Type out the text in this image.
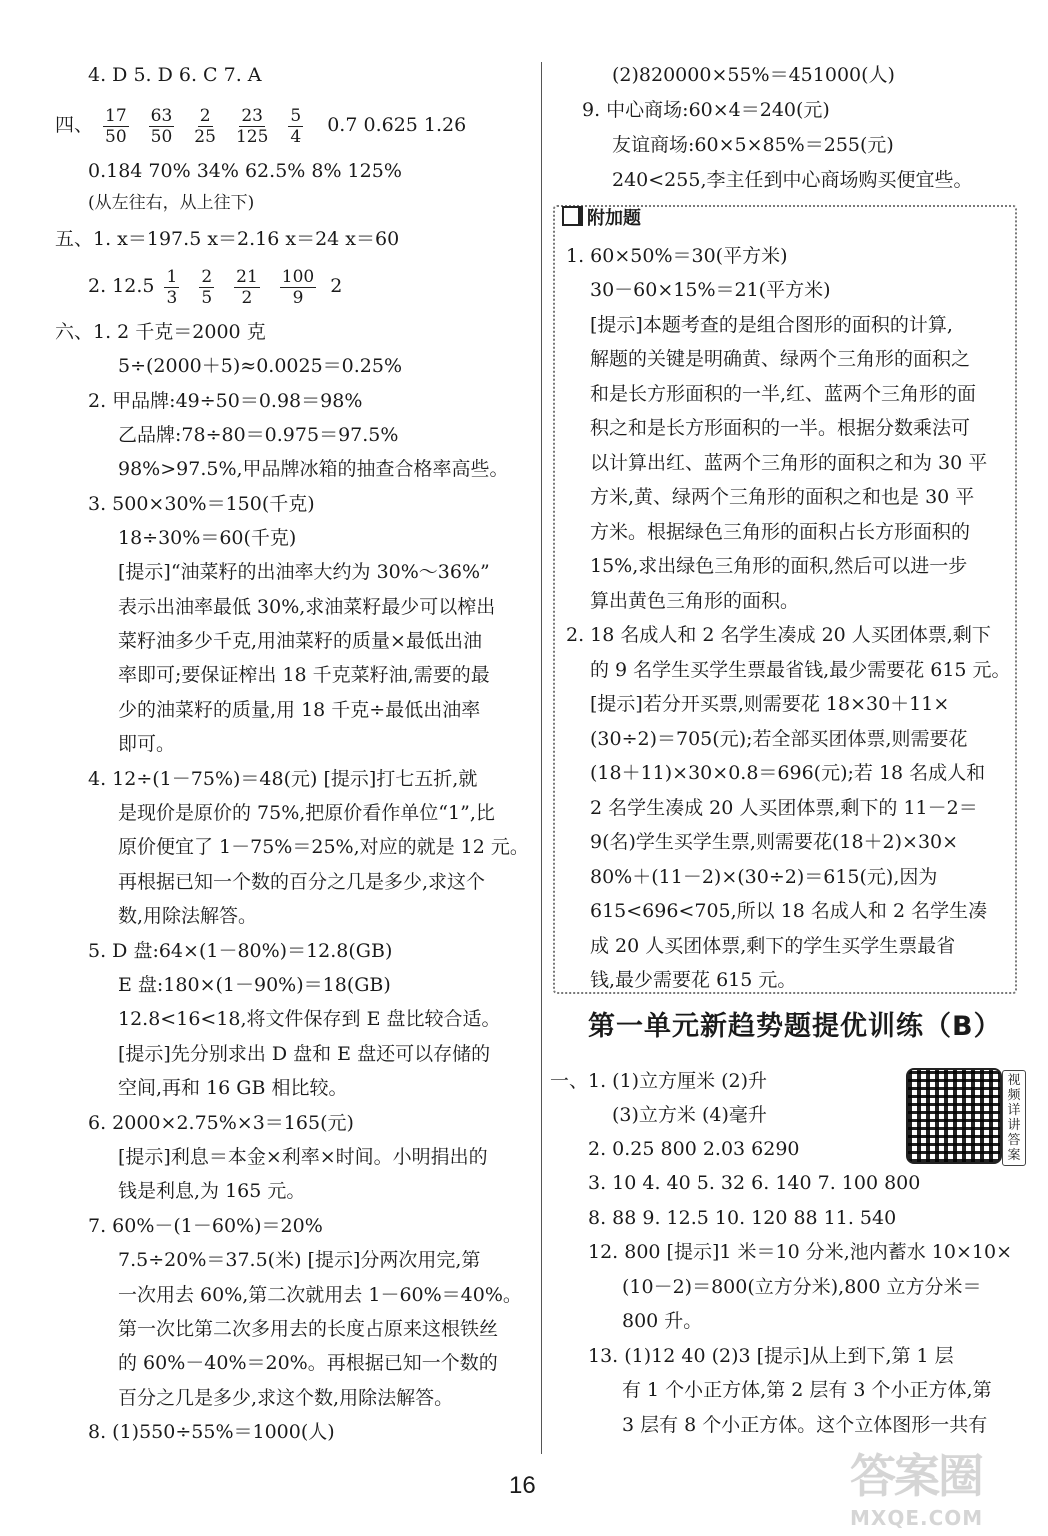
4. D 5. D 6. C 7. A
四、 $\frac{17}{50} \frac{63}{50} \frac{2}{25} \frac{23}{125} \frac{5}{4} 0.7$ 0.625 1.26
0.184 70% 34% 62.5% 8% 125%
(从左往右，从上往下)
五、1. x＝197.5 x＝2.16 x＝24 x＝60
2. $12.5 \frac{1}{3} \frac{2}{5} \frac{21}{2} \frac{100}{9} 2$
六、1. 2 千克＝2000 克
5÷(2000＋5)≈0.0025＝0.25%
2. 甲品牌:49÷50＝0.98＝98%
乙品牌:78÷80＝0.975＝97.5%
98%>97.5%,甲品牌冰箱的抽查合格率高些。
3. 500×30%＝150(千克)
18÷30%＝60(千克)
[提示]“油菜籽的出油率大约为 30%～36%”
表示出油率最低 30%,求油菜籽最少可以榨出
菜籽油多少千克,用油菜籽的质量×最低出油
率即可;要保证榨出 18 千克菜籽油,需要的最
少的油菜籽的质量,用 18 千克÷最低出油率
即可。
4. 12÷(1－75%)＝48(元) [提示]打七五折,就
是现价是原价的 75%,把原价看作单位“1”,比
原价便宜了 1－75%＝25%,对应的就是 12 元。
再根据已知一个数的百分之几是多少,求这个
数,用除法解答。
5. D 盘:64×(1－80%)＝12.8(GB)
E 盘:180×(1－90%)＝18(GB)
12.8<16<18,将文件保存到 E 盘比较合适。
[提示]先分别求出 D 盘和 E 盘还可以存储的
空间,再和 16 GB 相比较。
6. 2000×2.75%×3＝165(元)
[提示]利息＝本金×利率×时间。小明捐出的
钱是利息,为 165 元。
7. 60%－(1－60%)＝20%
7.5÷20%＝37.5(米) [提示]分两次用完,第
一次用去 60%,第二次就用去 1－60%＝40%。
第一次比第二次多用去的长度占原来这根铁丝
的 60%－40%＝20%。再根据已知一个数的
百分之几是多少,求这个数,用除法解答。
8. (1)550÷55%＝1000(人)
(2)820000×55%＝451000(人)
9. 中心商场:60×4＝240(元)
友谊商场:60×5×85%＝255(元)
240<255,李主任到中心商场购买便宜些。
附加题
1. 60×50%＝30(平方米)
30－60×15%＝21(平方米)
[提示]本题考查的是组合图形的面积的计算,
解题的关键是明确黄、绿两个三角形的面积之
和是长方形面积的一半,红、蓝两个三角形的面
积之和是长方形面积的一半。根据分数乘法可
以计算出红、蓝两个三角形的面积之和为 30 平
方米,黄、绿两个三角形的面积之和也是 30 平
方米。根据绿色三角形的面积占长方形面积的
15%,求出绿色三角形的面积,然后可以进一步
算出黄色三角形的面积。
2. 18 名成人和 2 名学生凑成 20 人买团体票,剩下
的 9 名学生买学生票最省钱,最少需要花 615 元。
[提示]若分开买票,则需要花 18×30＋11×
(30÷2)＝705(元);若全部买团体票,则需要花
(18＋11)×30×0.8＝696(元);若 18 名成人和
2 名学生凑成 20 人买团体票,剩下的 11－2＝
9(名)学生买学生票,则需要花(18＋2)×30×
80%＋(11－2)×(30÷2)＝615(元),因为
615<696<705,所以 18 名成人和 2 名学生凑
成 20 人买团体票,剩下的学生买学生票最省
钱,最少需要花 615 元。
第一单元新趋势题提优训练（B）
视频详讲答案
一、1. (1)立方厘米 (2)升
(3)立方米 (4)毫升
2. 0.25 800 2.03 6290
3. 10 4. 40 5. 32 6. 140 7. 100 800
8. 88 9. 12.5 10. 120 88 11. 540
12. 800 [提示]1 米＝10 分米,池内蓄水 10×10×
(10－2)＝800(立方分米),800 立方分米＝
800 升。
13. (1)12 40 (2)3 [提示]从上到下,第 1 层
有 1 个小正方体,第 2 层有 3 个小正方体,第
3 层有 8 个小正方体。这个立体图形一共有
16	答案圈
MXQE.COM
